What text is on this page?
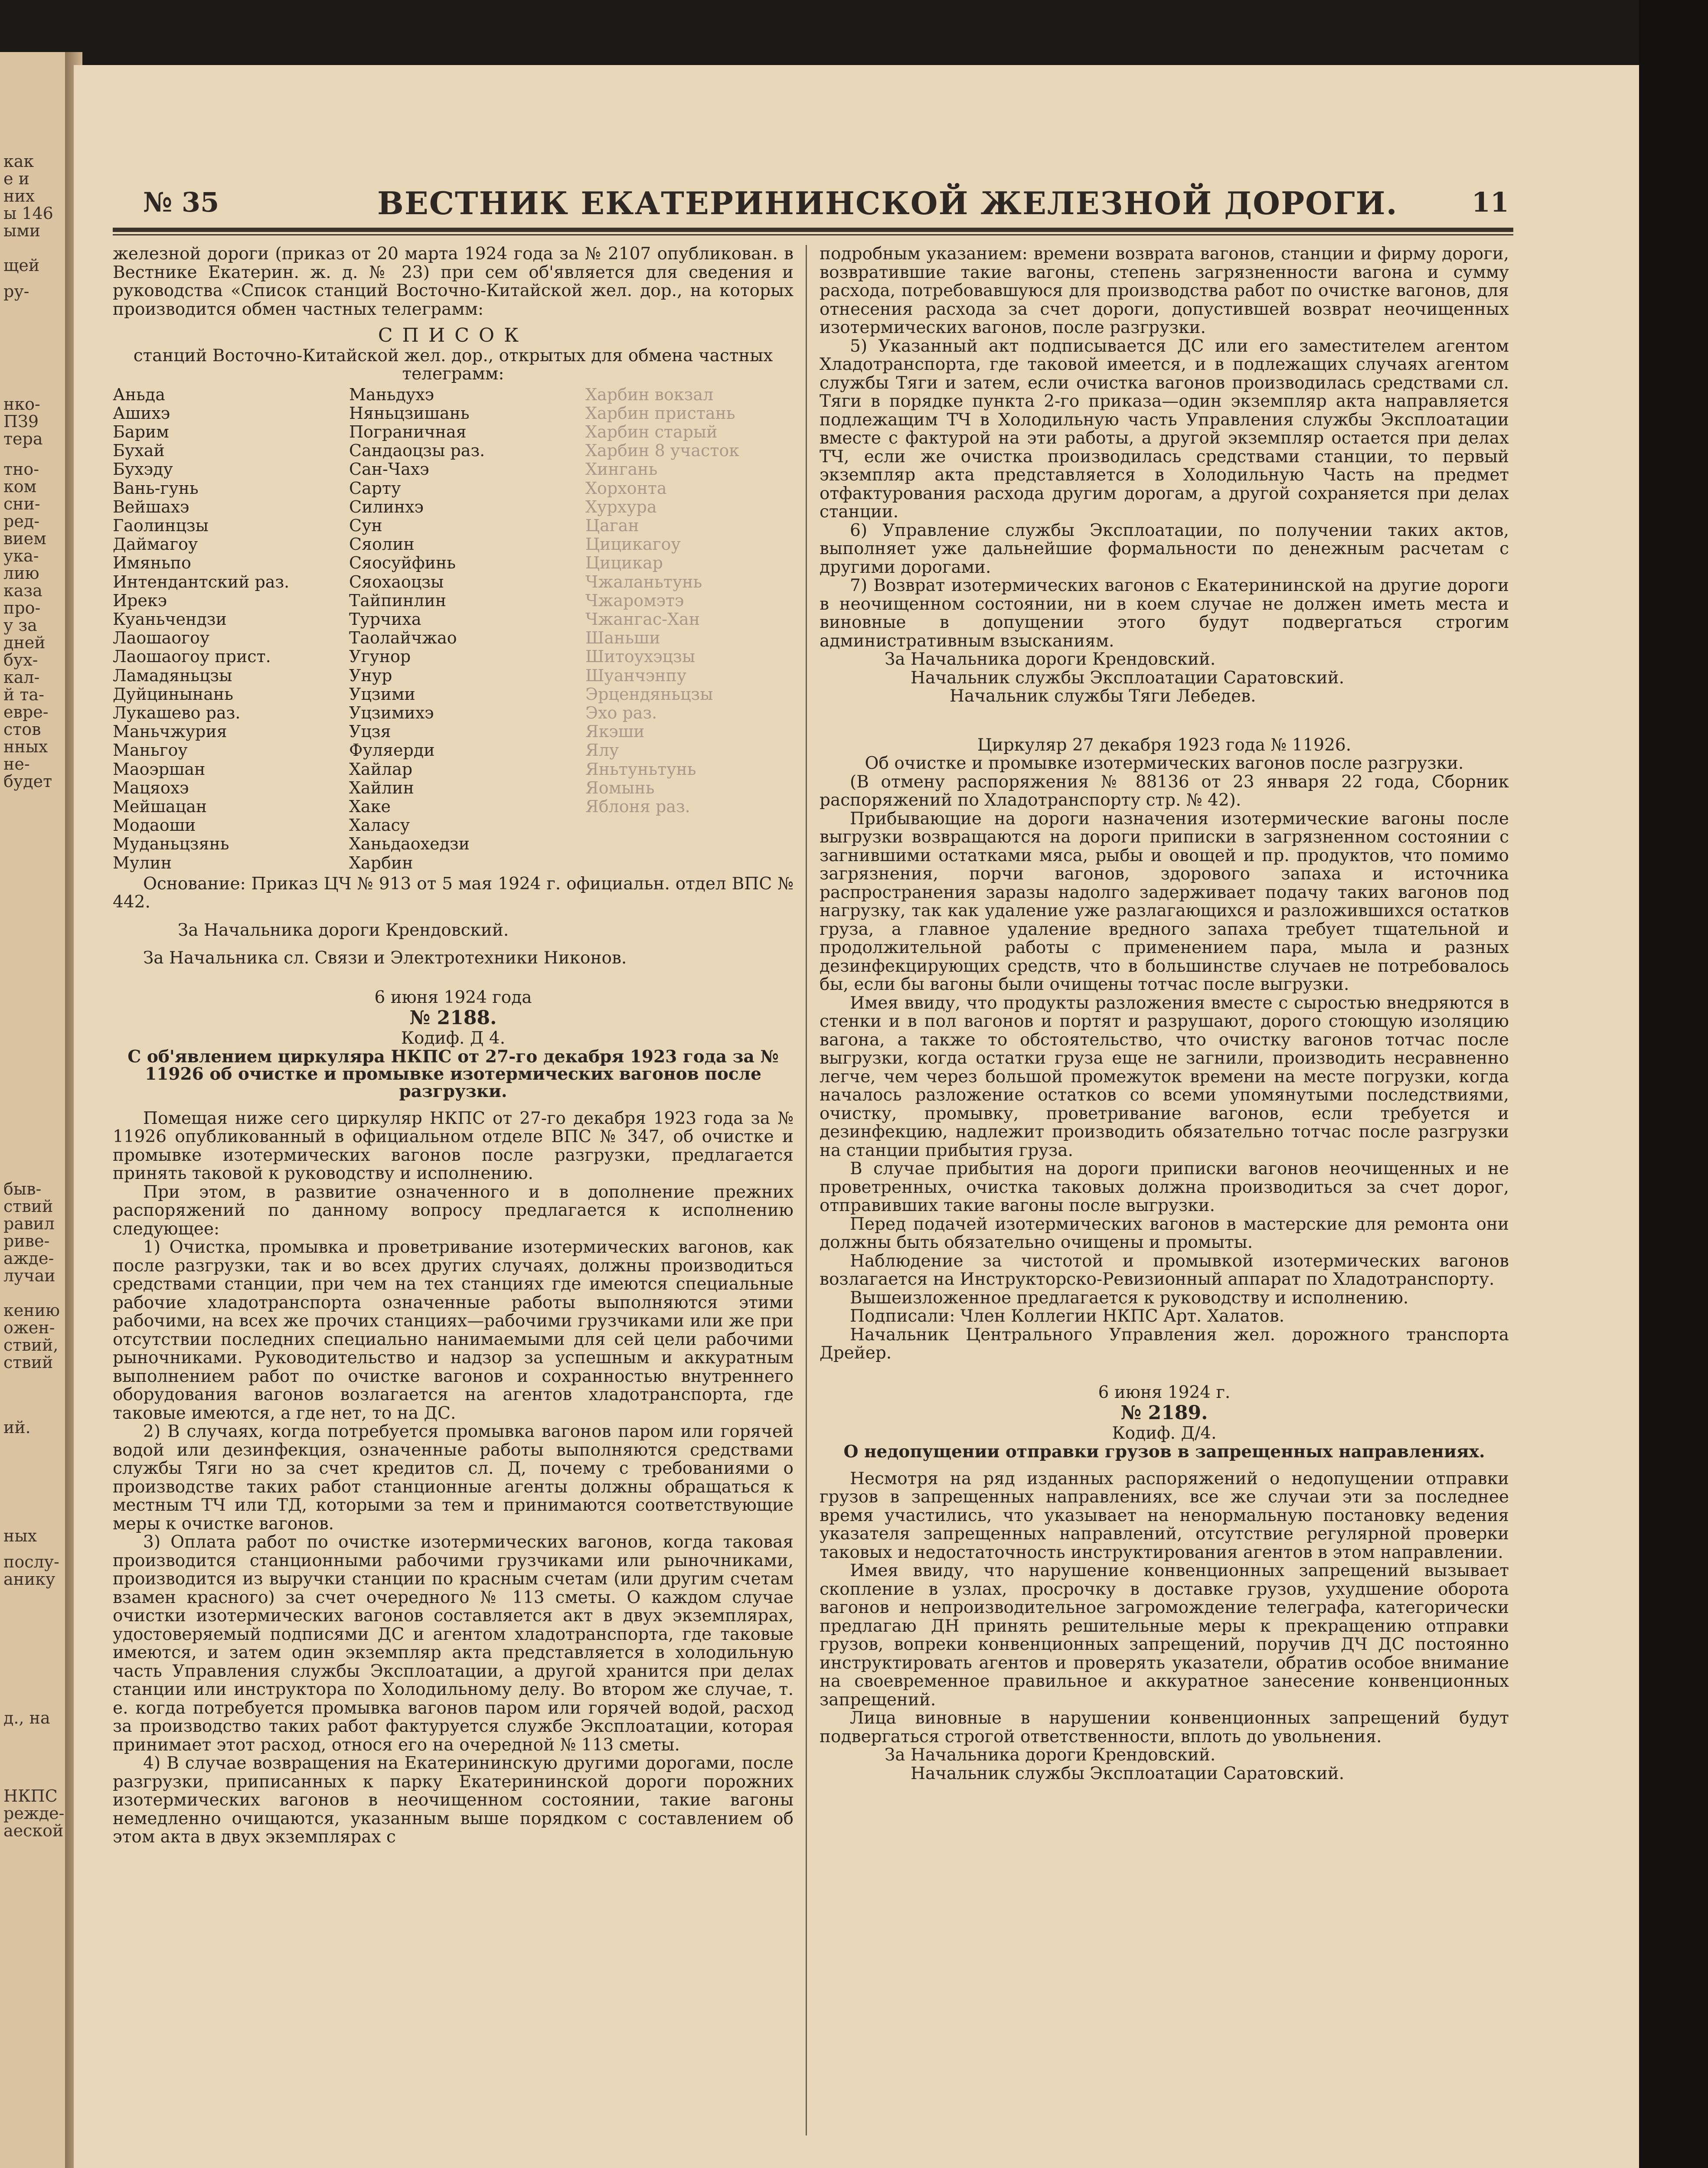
как
е и
них
ы 146
ыми
щей
ру-
нко-
ПЗ9
тера
тно-
ком
сни-
ред-
вием
ука-
лию
каза
про-
у за
дней
бух-
кал-
й та-
евре-
стов
нных
не-
будет
быв-
ствий
равил
риве-
ажде-
лучаи
кению
ожен-
ствий,
ствий
ий.
ных
послу-
анику
д., на
НКПС
режде-
аеской
№ 35	ВЕСТНИК ЕКАТЕРИНИНСКОЙ ЖЕЛЕЗНОЙ ДОРОГИ.	11

железной дороги (приказ от 20 марта 1924 года за № 2107 опубликован. в Вестнике Екатерин. ж. д. № 23) при сем об'является для сведения и руководства «Список станций Восточно-Китайской жел. дор., на которых производится обмен частных телеграмм:

СПИСОК

станций Восточно-Китайской жел. дор., открытых для обмена частных телеграмм:

Аньда
Ашихэ
Барим
Бухай
Бухэду
Вань-гунь
Вейшахэ
Гаолинцзы
Даймагоу
Имяньпо
Интендантский раз.
Ирекэ
Куаньчендзи
Лаошаогоу
Лаошаогоу прист.
Ламадяньцзы
Дуйцинынань
Лукашево раз.
Маньчжурия
Маньгоу
Маоэршан
Мацяохэ
Мейшацан
Модаоши
Муданьцзянь
Мулин
Маньдухэ
Няньцзишань
Пограничная
Сандаоцзы раз.
Сан-Чахэ
Сарту
Силинхэ
Сун
Сяолин
Сяосуйфинь
Сяохаоцзы
Тайпинлин
Турчиха
Таолайчжао
Угунор
Унур
Уцзими
Уцзимихэ
Уцзя
Фуляерди
Хайлар
Хайлин
Хаке
Халасу
Ханьдаохедзи
Харбин
Харбин вокзал
Харбин пристань
Харбин старый
Харбин 8 участок
Хингань
Хорхонта
Хурхура
Цаган
Цицикагоу
Цицикар
Чжаланьтунь
Чжаромэтэ
Чжангас-Хан
Шаньши
Шитоухэцзы
Шуанчэнпу
Эрцендяньцзы
Эхо раз.
Якэши
Ялу
Яньтуньтунь
Яомынь
Яблоня раз.

Основание: Приказ ЦЧ № 913 от 5 мая 1924 г. официальн. отдел ВПС № 442.

За Начальника дороги Крендовский.

За Начальника сл. Связи и Электротехники Никонов.

6 июня 1924 года

№ 2188.

Кодиф. Д 4.

С об'явлением циркуляра НКПС от 27-го декабря 1923 года за № 11926 об очистке и промывке изотермических вагонов после разгрузки.

Помещая ниже сего циркуляр НКПС от 27-го декабря 1923 года за № 11926 опубликованный в официальном отделе ВПС № 347, об очистке и промывке изотермических вагонов после разгрузки, предлагается принять таковой к руководству и исполнению.

При этом, в развитие означенного и в дополнение прежних распоряжений по данному вопросу предлагается к исполнению следующее:

1) Очистка, промывка и проветривание изотермических вагонов, как после разгрузки, так и во всех других случаях, должны производиться средствами станции, при чем на тех станциях где имеются специальные рабочие хладотранспорта означенные работы выполняются этими рабочими, на всех же прочих станциях—рабочими грузчиками или же при отсутствии последних специально нанимаемыми для сей цели рабочими рыночниками. Руководительство и надзор за успешным и аккуратным выполнением работ по очистке вагонов и сохранностью внутреннего оборудования вагонов возлагается на агентов хладотранспорта, где таковые имеются, а где нет, то на ДС.

2) В случаях, когда потребуется промывка вагонов паром или горячей водой или дезинфекция, означенные работы выполняются средствами службы Тяги но за счет кредитов сл. Д, почему с требованиями о производстве таких работ станционные агенты должны обращаться к местным ТЧ или ТД, которыми за тем и принимаются соответствующие меры к очистке вагонов.

3) Оплата работ по очистке изотермических вагонов, когда таковая производится станционными рабочими грузчиками или рыночниками, производится из выручки станции по красным счетам (или другим счетам взамен красного) за счет очередного № 113 сметы. О каждом случае очистки изотермических вагонов составляется акт в двух экземплярах, удостоверяемый подписями ДС и агентом хладотранспорта, где таковые имеются, и затем один экземпляр акта представляется в холодильную часть Управления службы Эксплоатации, а другой хранится при делах станции или инструктора по Холодильному делу. Во втором же случае, т. е. когда потребуется промывка вагонов паром или горячей водой, расход за производство таких работ фактуруется службе Эксплоатации, которая принимает этот расход, относя его на очередной № 113 сметы.

4) В случае возвращения на Екатерининскую другими дорогами, после разгрузки, приписанных к парку Екатерининской дороги порожних изотермических вагонов в неочищенном состоянии, такие вагоны немедленно очищаются, указанным выше порядком с составлением об этом акта в двух экземплярах с

подробным указанием: времени возврата вагонов, станции и фирму дороги, возвратившие такие вагоны, степень загрязненности вагона и сумму расхода, потребовавшуюся для производства работ по очистке вагонов, для отнесения расхода за счет дороги, допустившей возврат неочищенных изотермических вагонов, после разгрузки.

5) Указанный акт подписывается ДС или его заместителем агентом Хладотранспорта, где таковой имеется, и в подлежащих случаях агентом службы Тяги и затем, если очистка вагонов производилась средствами сл. Тяги в порядке пункта 2-го приказа—один экземпляр акта направляется подлежащим ТЧ в Холодильную часть Управления службы Эксплоатации вместе с фактурой на эти работы, а другой экземпляр остается при делах ТЧ, если же очистка производилась средствами станции, то первый экземпляр акта представляется в Холодильную Часть на предмет отфактурования расхода другим дорогам, а другой сохраняется при делах станции.

6) Управление службы Эксплоатации, по получении таких актов, выполняет уже дальнейшие формальности по денежным расчетам с другими дорогами.

7) Возврат изотермических вагонов с Екатерининской на другие дороги в неочищенном состоянии, ни в коем случае не должен иметь места и виновные в допущении этого будут подвергаться строгим административным взысканиям.

За Начальника дороги Крендовский.

Начальник службы Эксплоатации Саратовский.

Начальник службы Тяги Лебедев.

Циркуляр 27 декабря 1923 года № 11926.

Об очистке и промывке изотермических вагонов после разгрузки.

(В отмену распоряжения № 88136 от 23 января 22 года, Сборник распоряжений по Хладотранспорту стр. № 42).

Прибывающие на дороги назначения изотермические вагоны после выгрузки возвращаются на дороги приписки в загрязненном состоянии с загнившими остатками мяса, рыбы и овощей и пр. продуктов, что помимо загрязнения, порчи вагонов, здорового запаха и источника распространения заразы надолго задерживает подачу таких вагонов под нагрузку, так как удаление уже разлагающихся и разложившихся остатков груза, а главное удаление вредного запаха требует тщательной и продолжительной работы с применением пара, мыла и разных дезинфекцирующих средств, что в большинстве случаев не потребовалось бы, если бы вагоны были очищены тотчас после выгрузки.

Имея ввиду, что продукты разложения вместе с сыростью внедряются в стенки и в пол вагонов и портят и разрушают, дорого стоющую изоляцию вагона, а также то обстоятельство, что очистку вагонов тотчас после выгрузки, когда остатки груза еще не загнили, производить несравненно легче, чем через большой промежуток времени на месте погрузки, когда началось разложение остатков со всеми упомянутыми последствиями, очистку, промывку, проветривание вагонов, если требуется и дезинфекцию, надлежит производить обязательно тотчас после разгрузки на станции прибытия груза.

В случае прибытия на дороги приписки вагонов неочищенных и не проветренных, очистка таковых должна производиться за счет дорог, отправивших такие вагоны после выгрузки.

Перед подачей изотермических вагонов в мастерские для ремонта они должны быть обязательно очищены и промыты.

Наблюдение за чистотой и промывкой изотермических вагонов возлагается на Инструкторско-Ревизионный аппарат по Хладотранспорту.

Вышеизложенное предлагается к руководству и исполнению.

Подписали: Член Коллегии НКПС Арт. Халатов.

Начальник Центрального Управления жел. дорожного транспорта Дрейер.

6 июня 1924 г.

№ 2189.

Кодиф. Д/4.

О недопущении отправки грузов в запрещенных направлениях.

Несмотря на ряд изданных распоряжений о недопущении отправки грузов в запрещенных направлениях, все же случаи эти за последнее время участились, что указывает на ненормальную постановку ведения указателя запрещенных направлений, отсутствие регулярной проверки таковых и недостаточность инструктирования агентов в этом направлении.

Имея ввиду, что нарушение конвенционных запрещений вызывает скопление в узлах, просрочку в доставке грузов, ухудшение оборота вагонов и непроизводительное загромождение телеграфа, категорически предлагаю ДН принять решительные меры к прекращению отправки грузов, вопреки конвенционных запрещений, поручив ДЧ ДС постоянно инструктировать агентов и проверять указатели, обратив особое внимание на своевременное правильное и аккуратное занесение конвенционных запрещений.

Лица виновные в нарушении конвенционных запрещений будут подвергаться строгой ответственности, вплоть до увольнения.

За Начальника дороги Крендовский.

Начальник службы Эксплоатации Саратовский.
